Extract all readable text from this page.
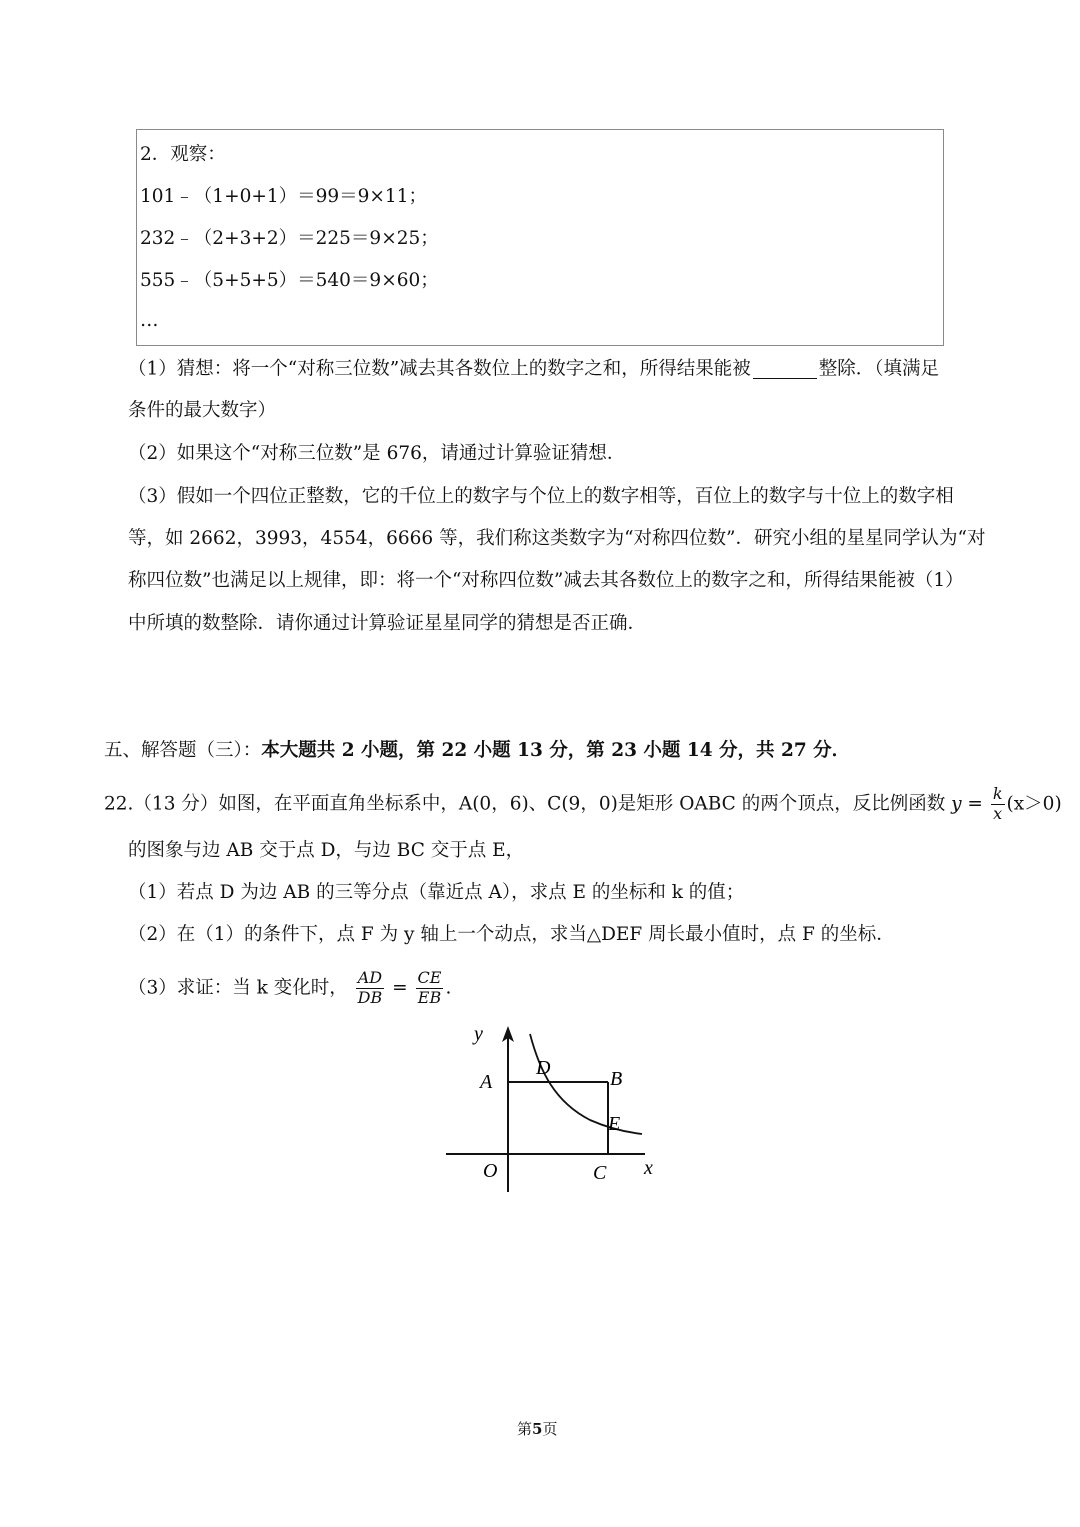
2．观察：

101﹣（1+0+1）＝99＝9×11；

232﹣（2+3+2）＝225＝9×25；

555﹣（5+5+5）＝540＝9×60；

…

（1）猜想：将一个“对称三位数”减去其各数位上的数字之和，所得结果能被	整除．（填满足

条件的最大数字）

（2）如果这个“对称三位数”是 676，请通过计算验证猜想．

（3）假如一个四位正整数，它的千位上的数字与个位上的数字相等，百位上的数字与十位上的数字相

等，如 2662，3993，4554，6666 等，我们称这类数字为“对称四位数”．研究小组的星星同学认为“对

称四位数”也满足以上规律，即：将一个“对称四位数”减去其各数位上的数字之和，所得结果能被（1）

中所填的数整除．请你通过计算验证星星同学的猜想是否正确．

五、解答题（三）：本大题共 2 小题，第 22 小题 13 分，第 23 小题 14 分，共 27 分．

22.（13 分）如图，在平面直角坐标系中，A(0，6)、C(9，0)是矩形 OABC 的两个顶点，反比例函数 $y = \frac{k}{x} (x>0)$

的图象与边 AB 交于点 D，与边 BC 交于点 E，

（1）若点 D 为边 AB 的三等分点（靠近点 A），求点 E 的坐标和 k 的值；

（2）在（1）的条件下，点 F 为 y 轴上一个动点，求当△DEF 周长最小值时，点 F 的坐标．

（3）求证：当 k 变化时， $\frac{AD}{DB} = \frac{CE}{EB}$ .

y
x
A	B
C
D
E
O

第5页
